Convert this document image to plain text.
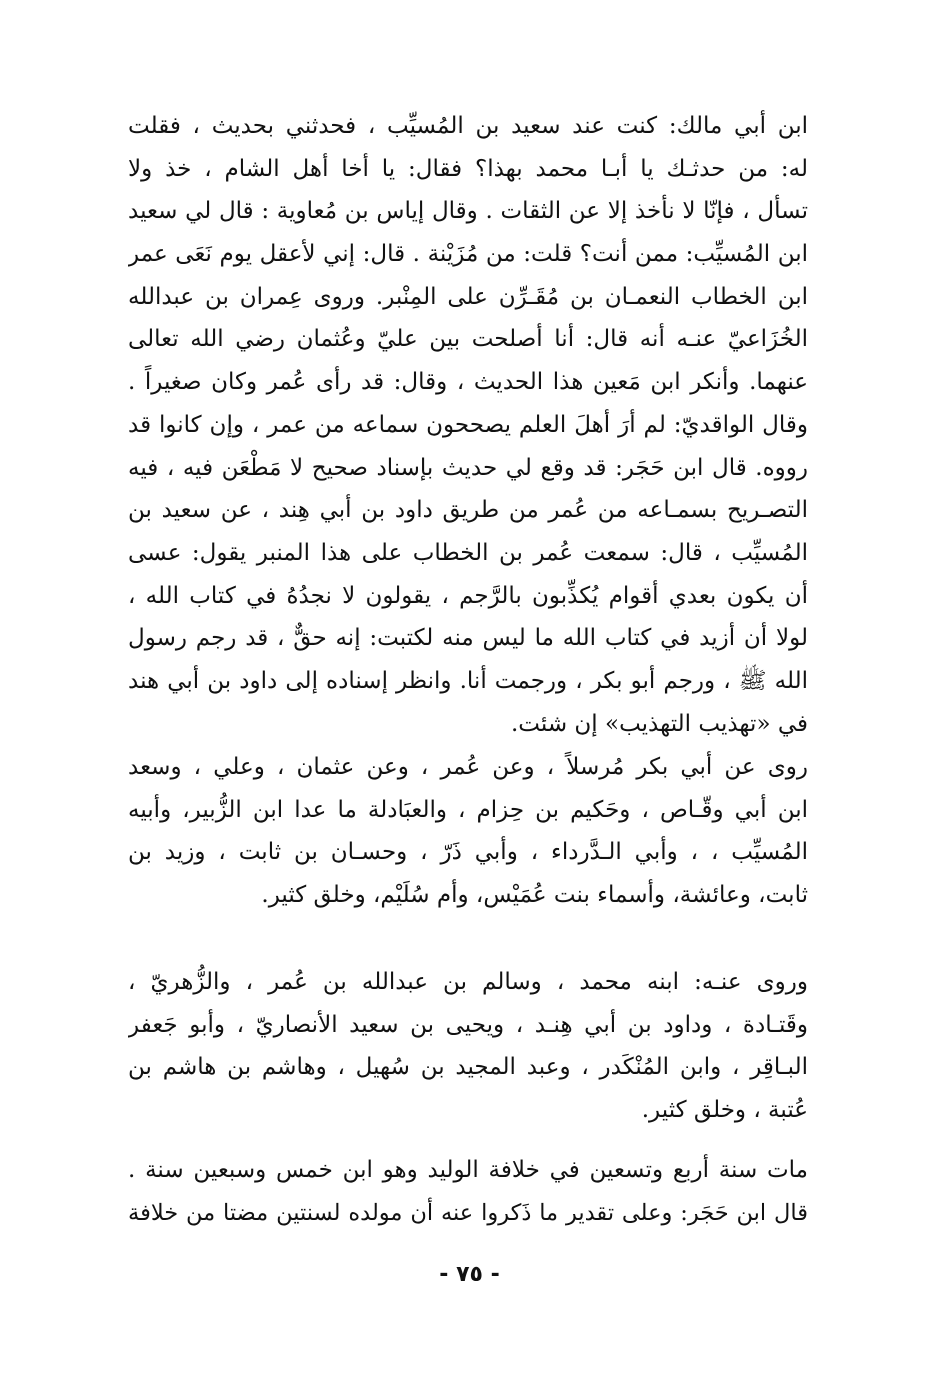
ابن أبي مالك: كنت عند سعيد بن المُسيِّب ، فحدثني بحديث ، فقلت
له: من حدثـك يا أبـا محمد بهذا؟ فقال: يا أخا أهل الشام ، خذ ولا
تسأل ، فإنّا لا نأخذ إلا عن الثقات . وقال إياس بن مُعاوية : قال لي سعيد
ابن المُسيِّب: ممن أنت؟ قلت: من مُزَيْنة . قال: إني لأعقل يوم نَعَى عمر
ابن الخطاب النعمـان بن مُقَـرِّن على المِنْبر. وروى عِمران بن عبدالله
الخُزَاعيّ عنـه أنه قال: أنا أصلحت بين عليّ وعُثمان رضي الله تعالى
عنهما. وأنكر ابن مَعين هذا الحديث ، وقال: قد رأى عُمر وكان صغيراً .
وقال الواقديّ: لم أرَ أهلَ العلم يصححون سماعه من عمر ، وإن كانوا قد
رووه. قال ابن حَجَر: قد وقع لي حديث بإسناد صحيح لا مَطْعَن فيه ، فيه
التصـريح بسمـاعه من عُمر من طريق داود بن أبي هِند ، عن سعيد بن
المُسيِّب ، قال: سمعت عُمر بن الخطاب على هذا المنبر يقول: عسى
أن يكون بعدي أقوام يُكذِّبون بالرَّجم ، يقولون لا نجدُهُ في كتاب الله ،
لولا أن أزيد في كتاب الله ما ليس منه لكتبت: إنه حقٌّ ، قد رجم رسول
الله ﷺ ، ورجم أبو بكر ، ورجمت أنا. وانظر إسناده إلى داود بن أبي هند
في «تهذيب التهذيب» إن شئت.
روى عن أبي بكر مُرسلاً ، وعن عُمر ، وعن عثمان ، وعلي ، وسعد
ابن أبي وقّـاص ، وحَكيم بن حِزام ، والعبَادلة ما عدا ابن الزُّبير، وأبيه
المُسيِّب ، ، وأبي الـدَّرداء ، وأبي ذَرّ ، وحسـان بن ثابت ، وزيد بن
ثابت، وعائشة، وأسماء بنت عُمَيْس، وأم سُلَيْم، وخلق كثير.
وروى عنـه: ابنه محمد ، وسالم بن عبدالله بن عُمر ، والزُّهريّ ،
وقَتـادة ، وداود بن أبي هِنـد ، ويحيى بن سعيد الأنصاريّ ، وأبو جَعفر
البـاقِر ، وابن المُنْكَدر ، وعبد المجيد بن سُهيل ، وهاشم بن هاشم بن
عُتبة ، وخلق كثير.
مات سنة أربع وتسعين في خلافة الوليد وهو ابن خمس وسبعين سنة .
قال ابن حَجَر: وعلى تقدير ما ذَكروا عنه أن مولده لسنتين مضتا من خلافة
- ٧٥ -
